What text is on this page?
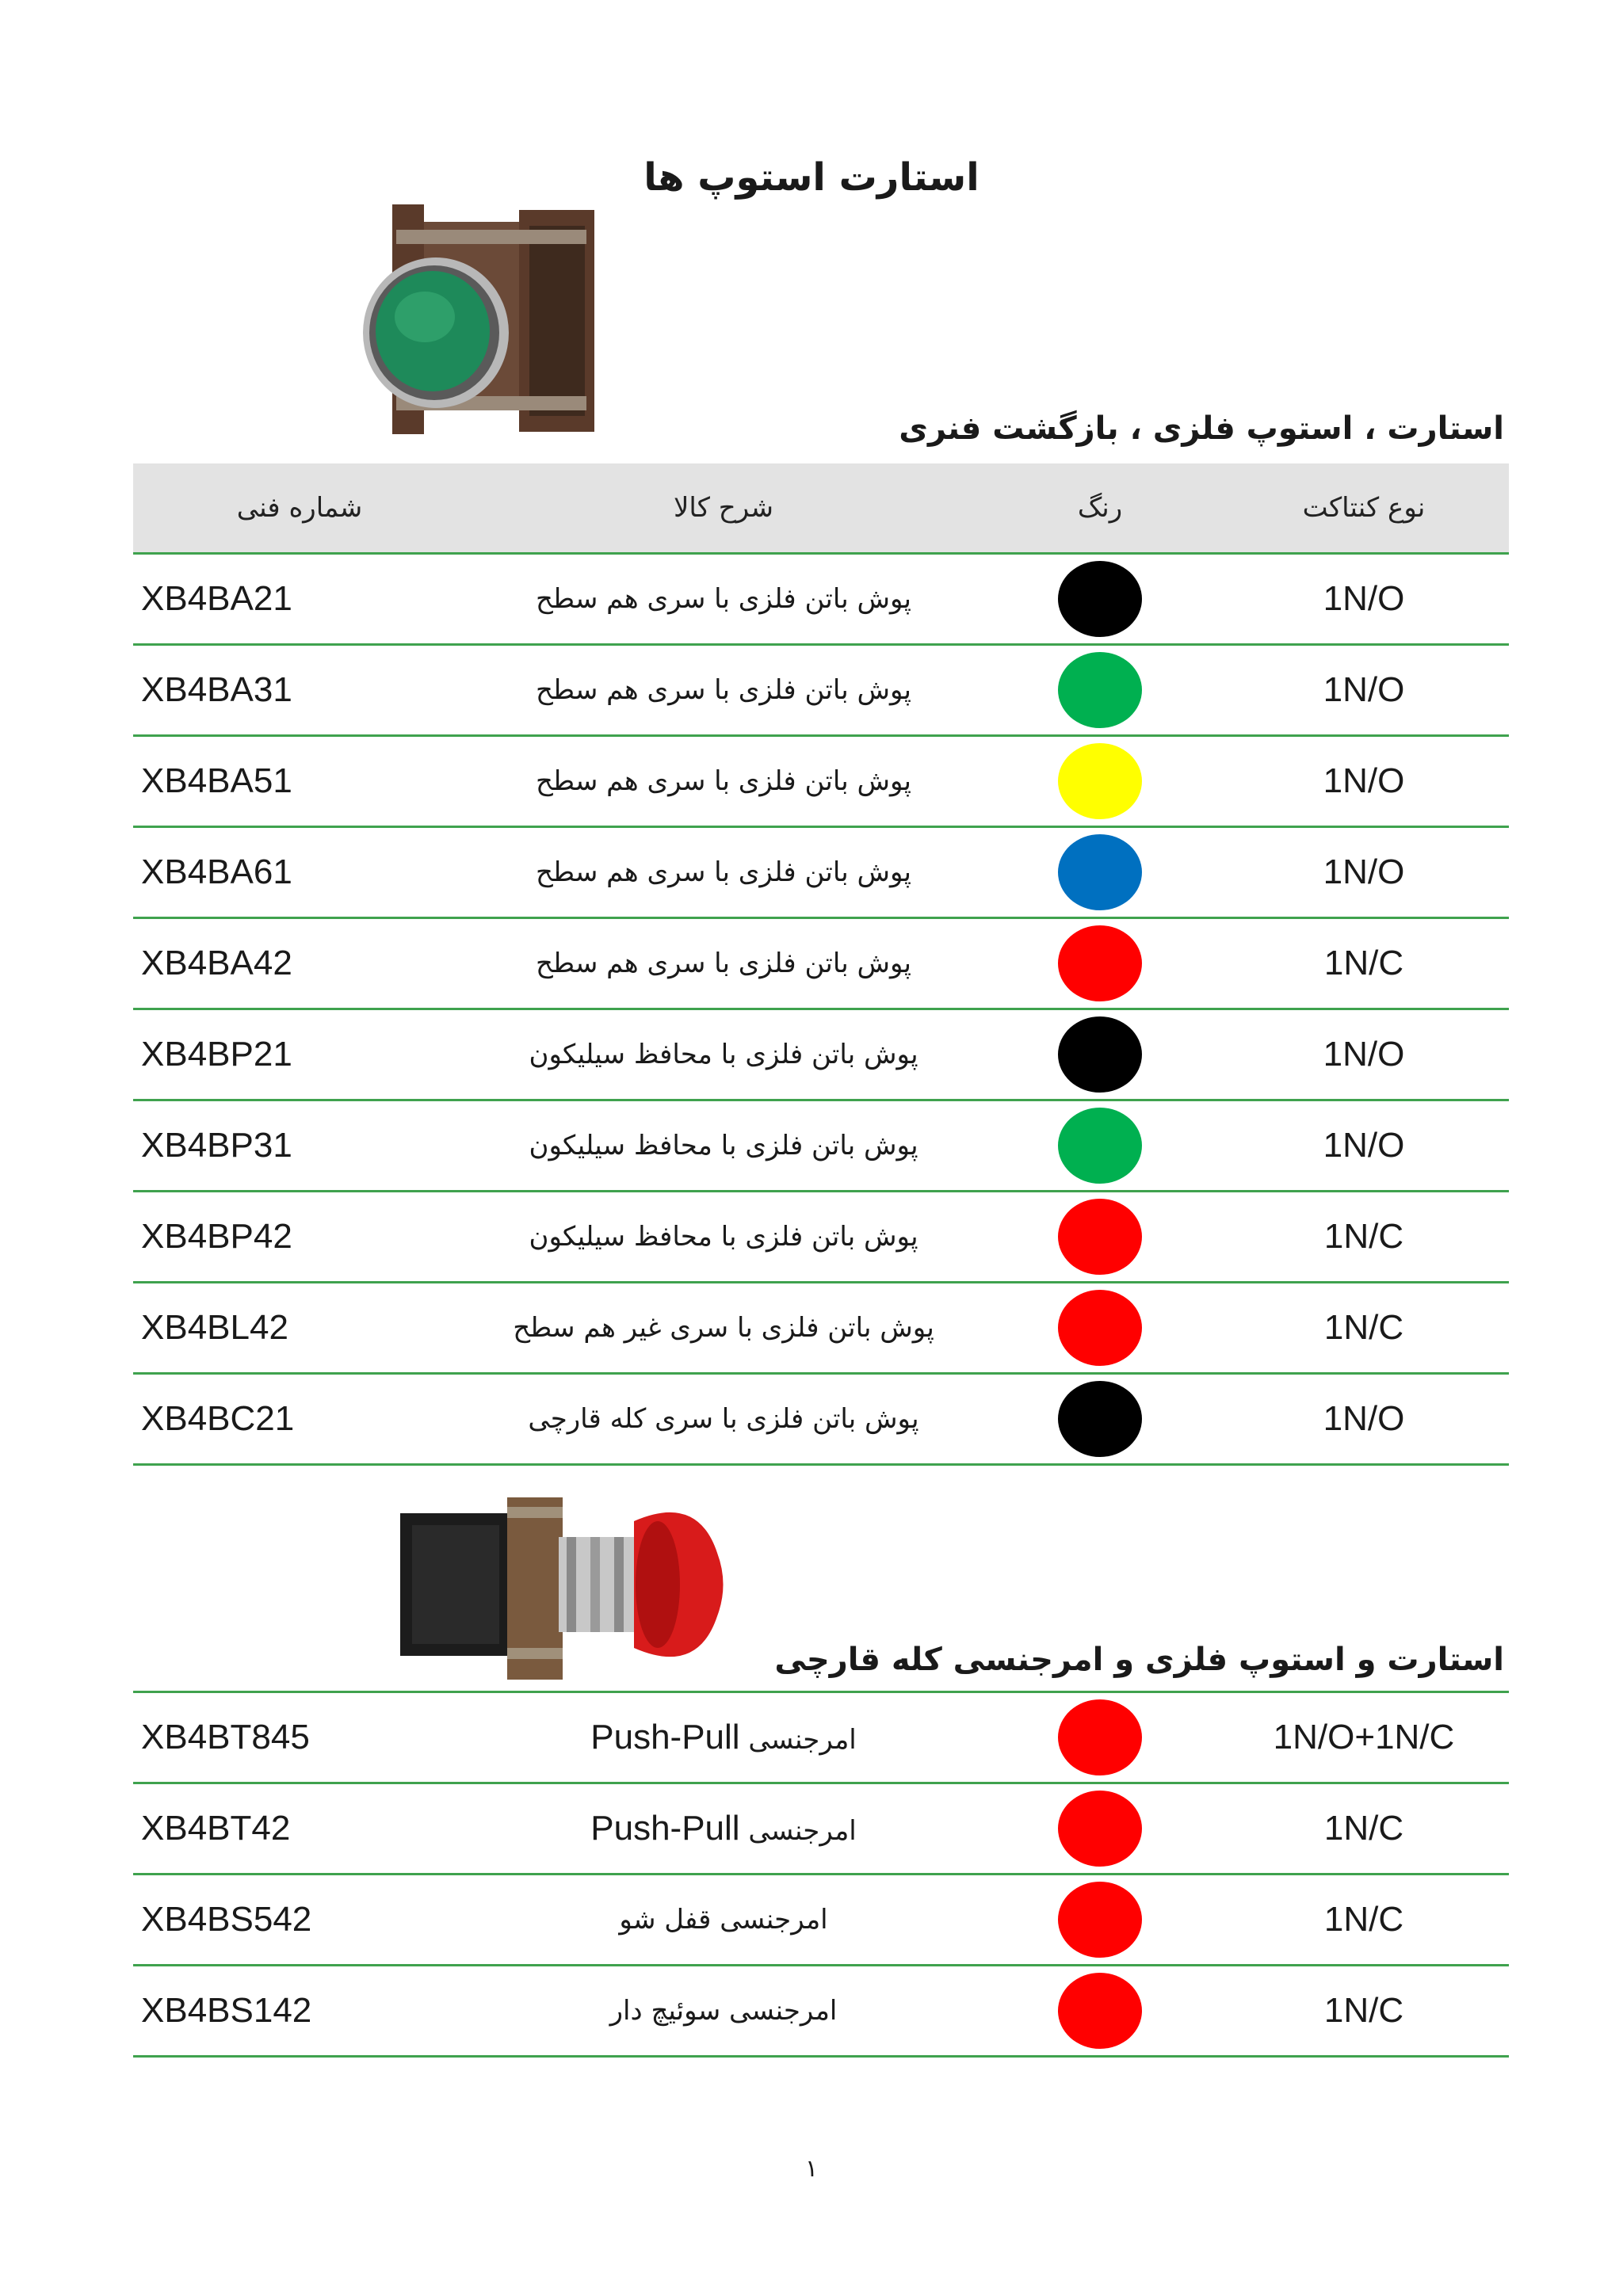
استارت استوپ ها
استارت ، استوپ فلزی ، بازگشت فنری
شماره فنی	شرح کالا	رنگ	نوع کنتاکت
XB4BA21	پوش باتن فلزی با سری هم سطح		1N/O
XB4BA31	پوش باتن فلزی با سری هم سطح		1N/O
XB4BA51	پوش باتن فلزی با سری هم سطح		1N/O
XB4BA61	پوش باتن فلزی با سری هم سطح		1N/O
XB4BA42	پوش باتن فلزی با سری هم سطح		1N/C
XB4BP21	پوش باتن فلزی با محافظ سیلیکون		1N/O
XB4BP31	پوش باتن فلزی با محافظ سیلیکون		1N/O
XB4BP42	پوش باتن فلزی با محافظ سیلیکون		1N/C
XB4BL42	پوش باتن فلزی با سری غیر هم سطح		1N/C
XB4BC21	پوش باتن فلزی با سری کله قارچی		1N/O
استارت و استوپ فلزی و امرجنسی کله قارچی
XB4BT845	امرجنسی Push-Pull		1N/O+1N/C
XB4BT42	امرجنسی Push-Pull		1N/C
XB4BS542	امرجنسی قفل شو		1N/C
XB4BS142	امرجنسی سوئیچ دار		1N/C
۱
